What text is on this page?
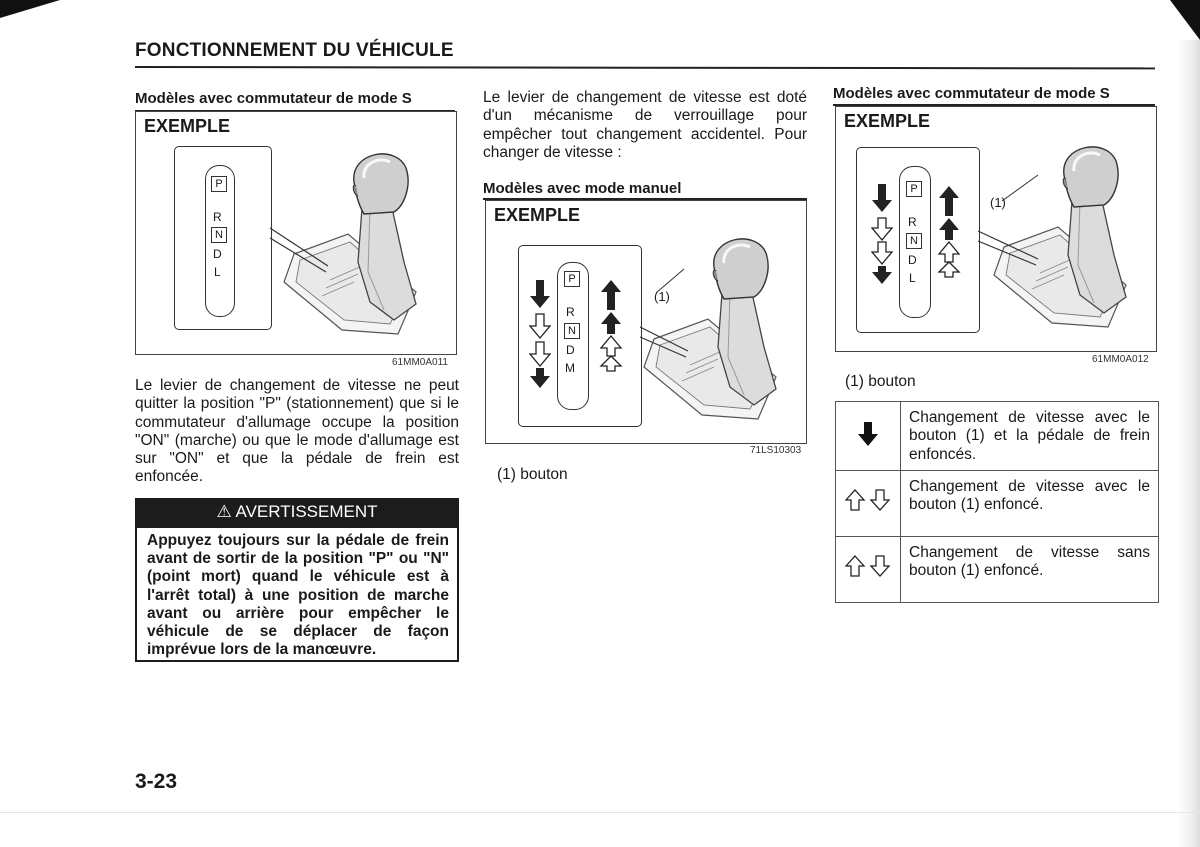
FONCTIONNEMENT DU VÉHICULE
Modèles avec commutateur de mode S
EXEMPLE
P
R
N
D
L
61MM0A011
Le levier de changement de vitesse ne peut quitter la position "P" (stationnement) que si le commutateur d'allumage occupe la position "ON" (marche) ou que le mode d'allumage est sur "ON" et que la pédale de frein est enfoncée.
⚠ AVERTISSEMENT
Appuyez toujours sur la pédale de frein avant de sortir de la position "P" ou "N" (point mort) quand le véhicule est à l'arrêt total) à une position de marche avant ou arrière pour empêcher le véhicule de se déplacer de façon imprévue lors de la manœuvre.
Le levier de changement de vitesse est doté d'un mécanisme de verrouillage pour empêcher tout changement accidentel. Pour changer de vitesse :
Modèles avec mode manuel
EXEMPLE
P
R
N
D
M
(1)
71LS10303
(1) bouton
Modèles avec commutateur de mode S
EXEMPLE
P
R
N
D
L
(1)
61MM0A012
(1) bouton
	Changement de vitesse avec le bouton (1) et la pédale de frein enfoncés.
	Changement de vitesse avec le bouton (1) enfoncé.
	Changement de vitesse sans bouton (1) enfoncé.
3-23
